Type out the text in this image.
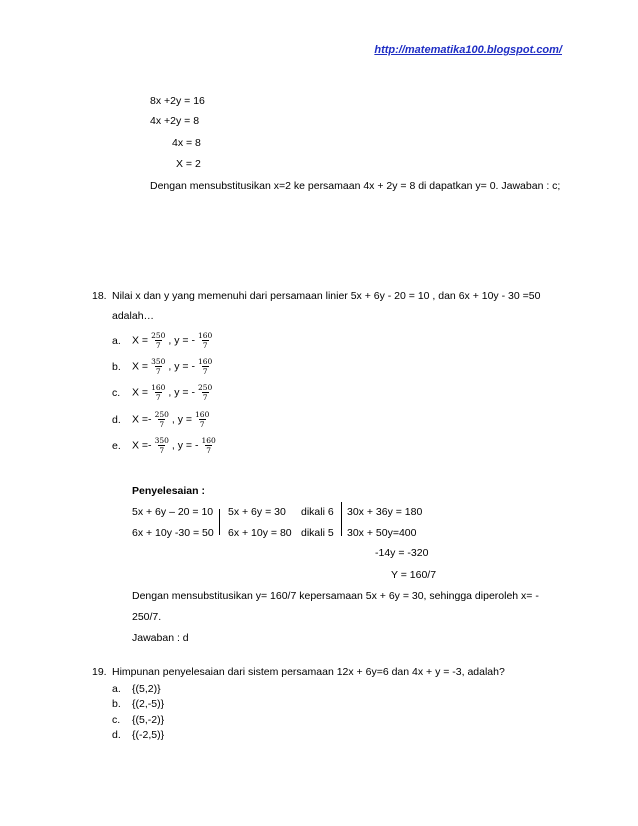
http://matematika100.blogspot.com/
8x +2y = 16
4x +2y = 8
4x = 8
X = 2
Dengan mensubstitusikan x=2 ke persamaan 4x + 2y = 8 di dapatkan y= 0. Jawaban : c;
18. Nilai x dan y yang memenuhi dari persamaan linier 5x + 6y - 20 = 10 , dan 6x + 10y - 30 =50
adalah…
a. $X = \frac{250}{7}$ , y = - $\frac{160}{7}$
b. $X = \frac{350}{7}$ , y = - $\frac{160}{7}$
c. $X = \frac{160}{7}$ , y = - $\frac{250}{7}$
d. $X =- \frac{250}{7}$ , $y = \frac{160}{7}$
e. $X =- \frac{350}{7}$ , y = - $\frac{160}{7}$
Penyelesaian :
5x + 6y – 20 = 10 5x + 6y = 30 dikali 6 30x + 36y = 180
6x + 10y -30 = 50 6x + 10y = 80 dikali 5 30x + 50y=400
-14y = -320
Y = 160/7
Dengan mensubstitusikan y= 160/7 kepersamaan 5x + 6y = 30, sehingga diperoleh x= -
250/7.
Jawaban : d
19. Himpunan penyelesaian dari sistem persamaan 12x + 6y=6 dan 4x + y = -3, adalah?
a. {(5,2)}
b. {(2,-5)}
c. {(5,-2)}
d. {(-2,5)}
